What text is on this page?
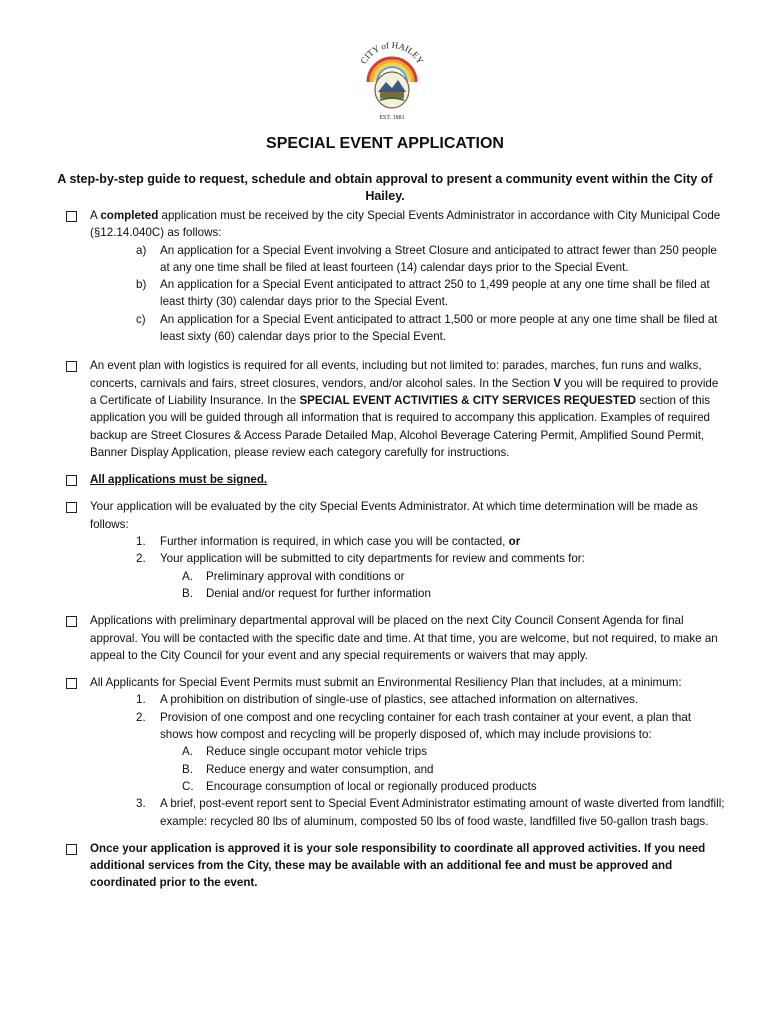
CITY of HAILEY
EST. 1881
SPECIAL EVENT APPLICATION
A step-by-step guide to request, schedule and obtain approval to present a community event within the City of Hailey.
A completed application must be received by the city Special Events Administrator in accordance with City Municipal Code (§12.14.040C) as follows:
a) An application for a Special Event involving a Street Closure and anticipated to attract fewer than 250 people at any one time shall be filed at least fourteen (14) calendar days prior to the Special Event.
b) An application for a Special Event anticipated to attract 250 to 1,499 people at any one time shall be filed at least thirty (30) calendar days prior to the Special Event.
c) An application for a Special Event anticipated to attract 1,500 or more people at any one time shall be filed at least sixty (60) calendar days prior to the Special Event.
An event plan with logistics is required for all events, including but not limited to: parades, marches, fun runs and walks, concerts, carnivals and fairs, street closures, vendors, and/or alcohol sales. In the Section V you will be required to provide a Certificate of Liability Insurance. In the SPECIAL EVENT ACTIVITIES & CITY SERVICES REQUESTED section of this application you will be guided through all information that is required to accompany this application. Examples of required backup are Street Closures & Access Parade Detailed Map, Alcohol Beverage Catering Permit, Amplified Sound Permit, Banner Display Application, please review each category carefully for instructions.
All applications must be signed.
Your application will be evaluated by the city Special Events Administrator. At which time determination will be made as follows:
1. Further information is required, in which case you will be contacted, or
2. Your application will be submitted to city departments for review and comments for:
A. Preliminary approval with conditions or
B. Denial and/or request for further information
Applications with preliminary departmental approval will be placed on the next City Council Consent Agenda for final approval. You will be contacted with the specific date and time. At that time, you are welcome, but not required, to make an appeal to the City Council for your event and any special requirements or waivers that may apply.
All Applicants for Special Event Permits must submit an Environmental Resiliency Plan that includes, at a minimum:
1. A prohibition on distribution of single-use of plastics, see attached information on alternatives.
2. Provision of one compost and one recycling container for each trash container at your event, a plan that shows how compost and recycling will be properly disposed of, which may include provisions to:
A. Reduce single occupant motor vehicle trips
B. Reduce energy and water consumption, and
C. Encourage consumption of local or regionally produced products
3. A brief, post-event report sent to Special Event Administrator estimating amount of waste diverted from landfill; example: recycled 80 lbs of aluminum, composted 50 lbs of food waste, landfilled five 50-gallon trash bags.
Once your application is approved it is your sole responsibility to coordinate all approved activities. If you need additional services from the City, these may be available with an additional fee and must be approved and coordinated prior to the event.
